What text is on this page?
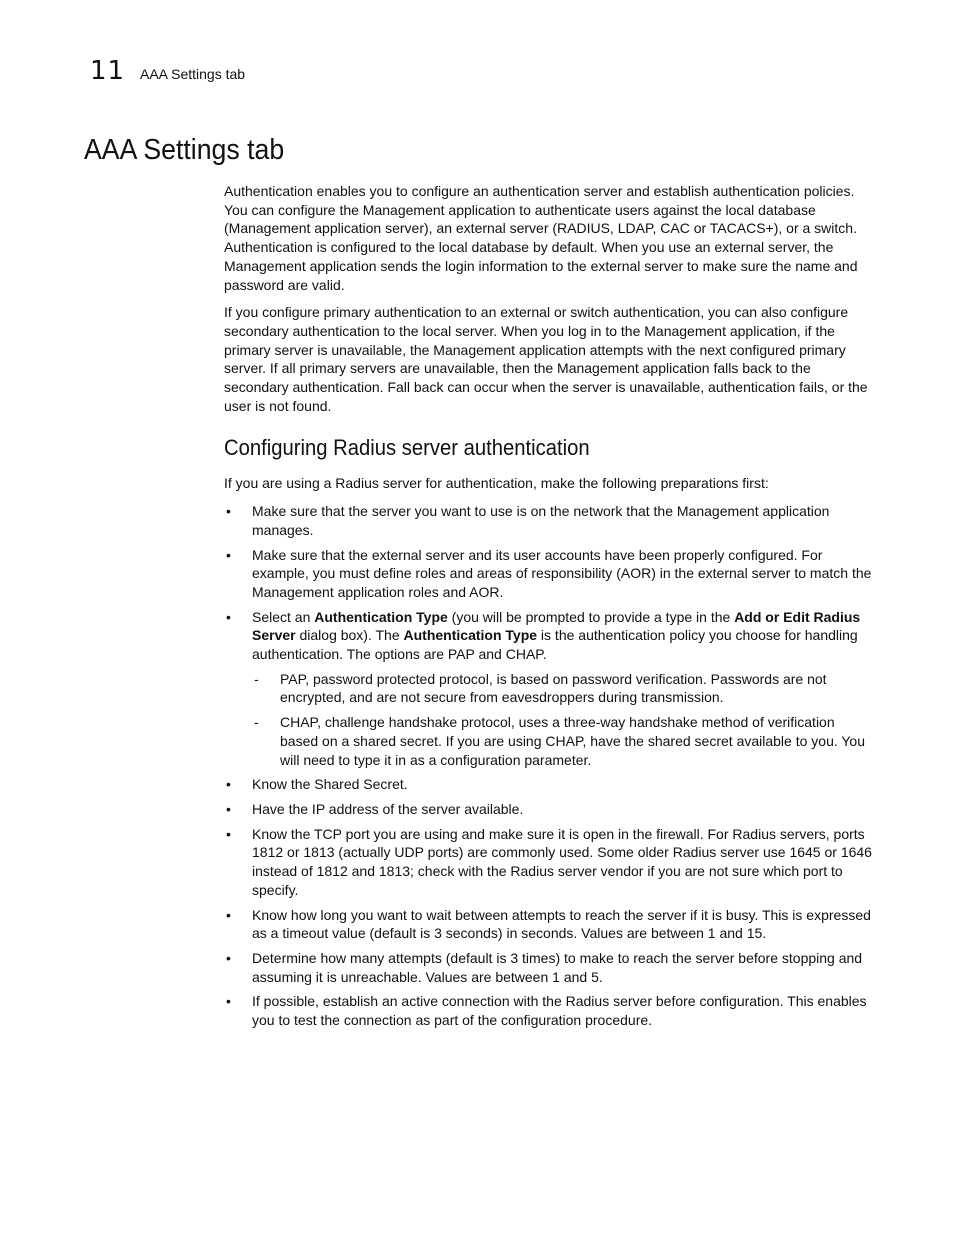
11 AAA Settings tab
AAA Settings tab

Authentication enables you to configure an authentication server and establish authentication policies. You can configure the Management application to authenticate users against the local database (Management application server), an external server (RADIUS, LDAP, CAC or TACACS+), or a switch. Authentication is configured to the local database by default. When you use an external server, the Management application sends the login information to the external server to make sure the name and password are valid.

If you configure primary authentication to an external or switch authentication, you can also configure secondary authentication to the local server. When you log in to the Management application, if the primary server is unavailable, the Management application attempts with the next configured primary server. If all primary servers are unavailable, then the Management application falls back to the secondary authentication. Fall back can occur when the server is unavailable, authentication fails, or the user is not found.

Configuring Radius server authentication

If you are using a Radius server for authentication, make the following preparations first:

• Make sure that the server you want to use is on the network that the Management application manages.
• Make sure that the external server and its user accounts have been properly configured. For example, you must define roles and areas of responsibility (AOR) in the external server to match the Management application roles and AOR.
• Select an Authentication Type (you will be prompted to provide a type in the Add or Edit Radius Server dialog box). The Authentication Type is the authentication policy you choose for handling authentication. The options are PAP and CHAP.
- PAP, password protected protocol, is based on password verification. Passwords are not encrypted, and are not secure from eavesdroppers during transmission.
- CHAP, challenge handshake protocol, uses a three-way handshake method of verification based on a shared secret. If you are using CHAP, have the shared secret available to you. You will need to type it in as a configuration parameter.
• Know the Shared Secret.
• Have the IP address of the server available.
• Know the TCP port you are using and make sure it is open in the firewall. For Radius servers, ports 1812 or 1813 (actually UDP ports) are commonly used. Some older Radius server use 1645 or 1646 instead of 1812 and 1813; check with the Radius server vendor if you are not sure which port to specify.
• Know how long you want to wait between attempts to reach the server if it is busy. This is expressed as a timeout value (default is 3 seconds) in seconds. Values are between 1 and 15.
• Determine how many attempts (default is 3 times) to make to reach the server before stopping and assuming it is unreachable. Values are between 1 and 5.
• If possible, establish an active connection with the Radius server before configuration. This enables you to test the connection as part of the configuration procedure.
